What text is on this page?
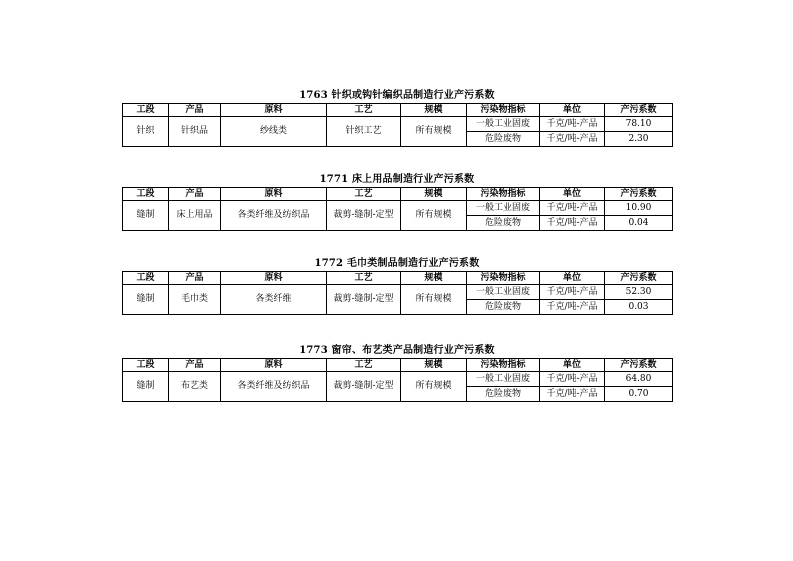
1763 针织或钩针编织品制造行业产污系数
工段	产品	原料	工艺	规模	污染物指标	单位	产污系数
针织	针织品	纱线类	针织工艺	所有规模	一般工业固废	千克/吨-产品	78.10
					危险废物	千克/吨-产品	2.30
1771 床上用品制造行业产污系数
工段	产品	原料	工艺	规模	污染物指标	单位	产污系数
缝制	床上用品	各类纤维及纺织品	裁剪-缝制-定型	所有规模	一般工业固废	千克/吨-产品	10.90
					危险废物	千克/吨-产品	0.04
1772 毛巾类制品制造行业产污系数
工段	产品	原料	工艺	规模	污染物指标	单位	产污系数
缝制	毛巾类	各类纤维	裁剪-缝制-定型	所有规模	一般工业固废	千克/吨-产品	52.30
					危险废物	千克/吨-产品	0.03
1773 窗帘、布艺类产品制造行业产污系数
工段	产品	原料	工艺	规模	污染物指标	单位	产污系数
缝制	布艺类	各类纤维及纺织品	裁剪-缝制-定型	所有规模	一般工业固废	千克/吨-产品	64.80
					危险废物	千克/吨-产品	0.70
